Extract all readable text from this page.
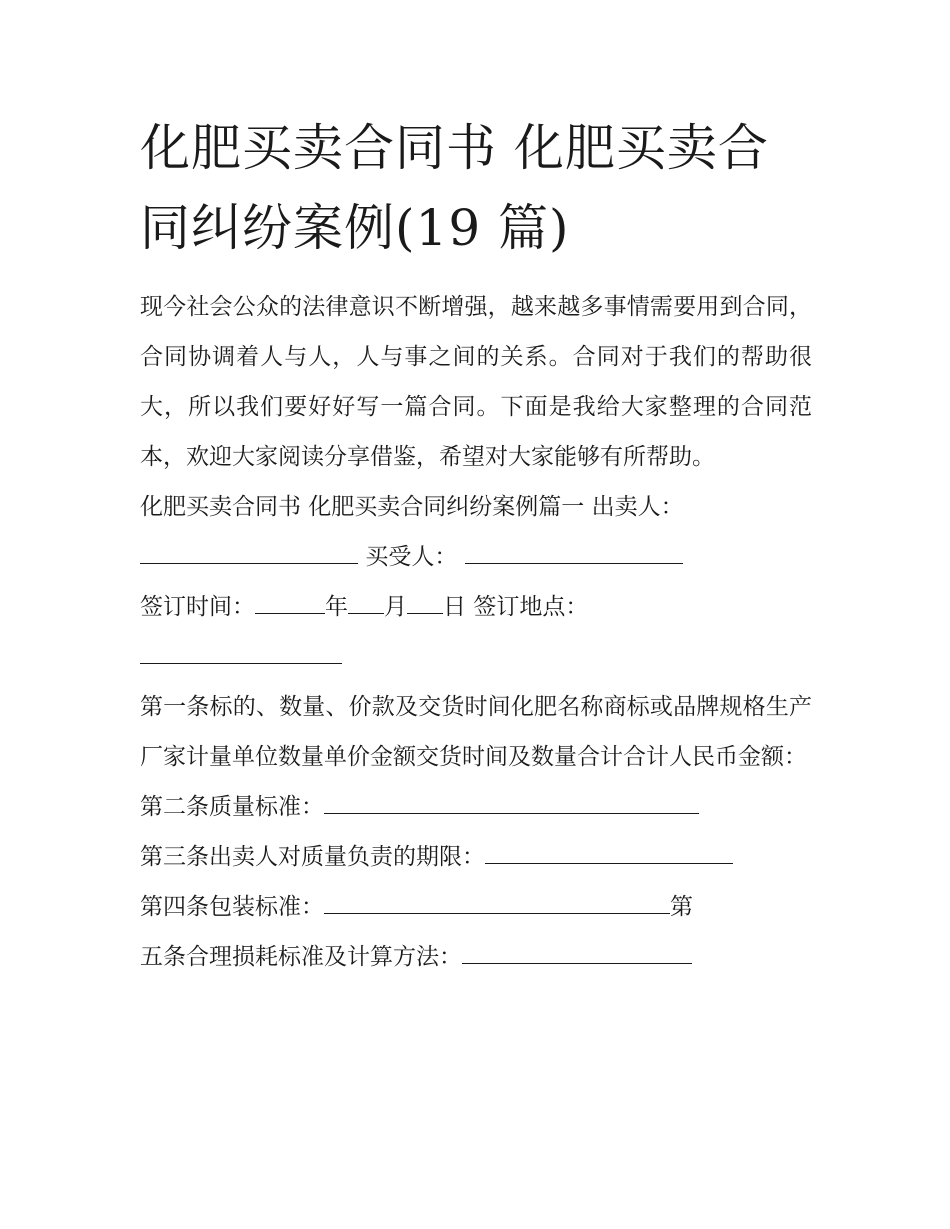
化肥买卖合同书 化肥买卖合同纠纷案例(19 篇)

现今社会公众的法律意识不断增强，越来越多事情需要用到合同，合同协调着人与人，人与事之间的关系。合同对于我们的帮助很大，所以我们要好好写一篇合同。下面是我给大家整理的合同范本，欢迎大家阅读分享借鉴，希望对大家能够有所帮助。

化肥买卖合同书 化肥买卖合同纠纷案例篇一 出卖人：

买受人：

签订时间：	年 月 日 签订地点：

第一条标的、数量、价款及交货时间化肥名称商标或品牌规格生产厂家计量单位数量单价金额交货时间及数量合计合计人民币金额：

第二条质量标准：

第三条出卖人对质量负责的期限：

第四条包装标准：	第

五条合理损耗标准及计算方法：
